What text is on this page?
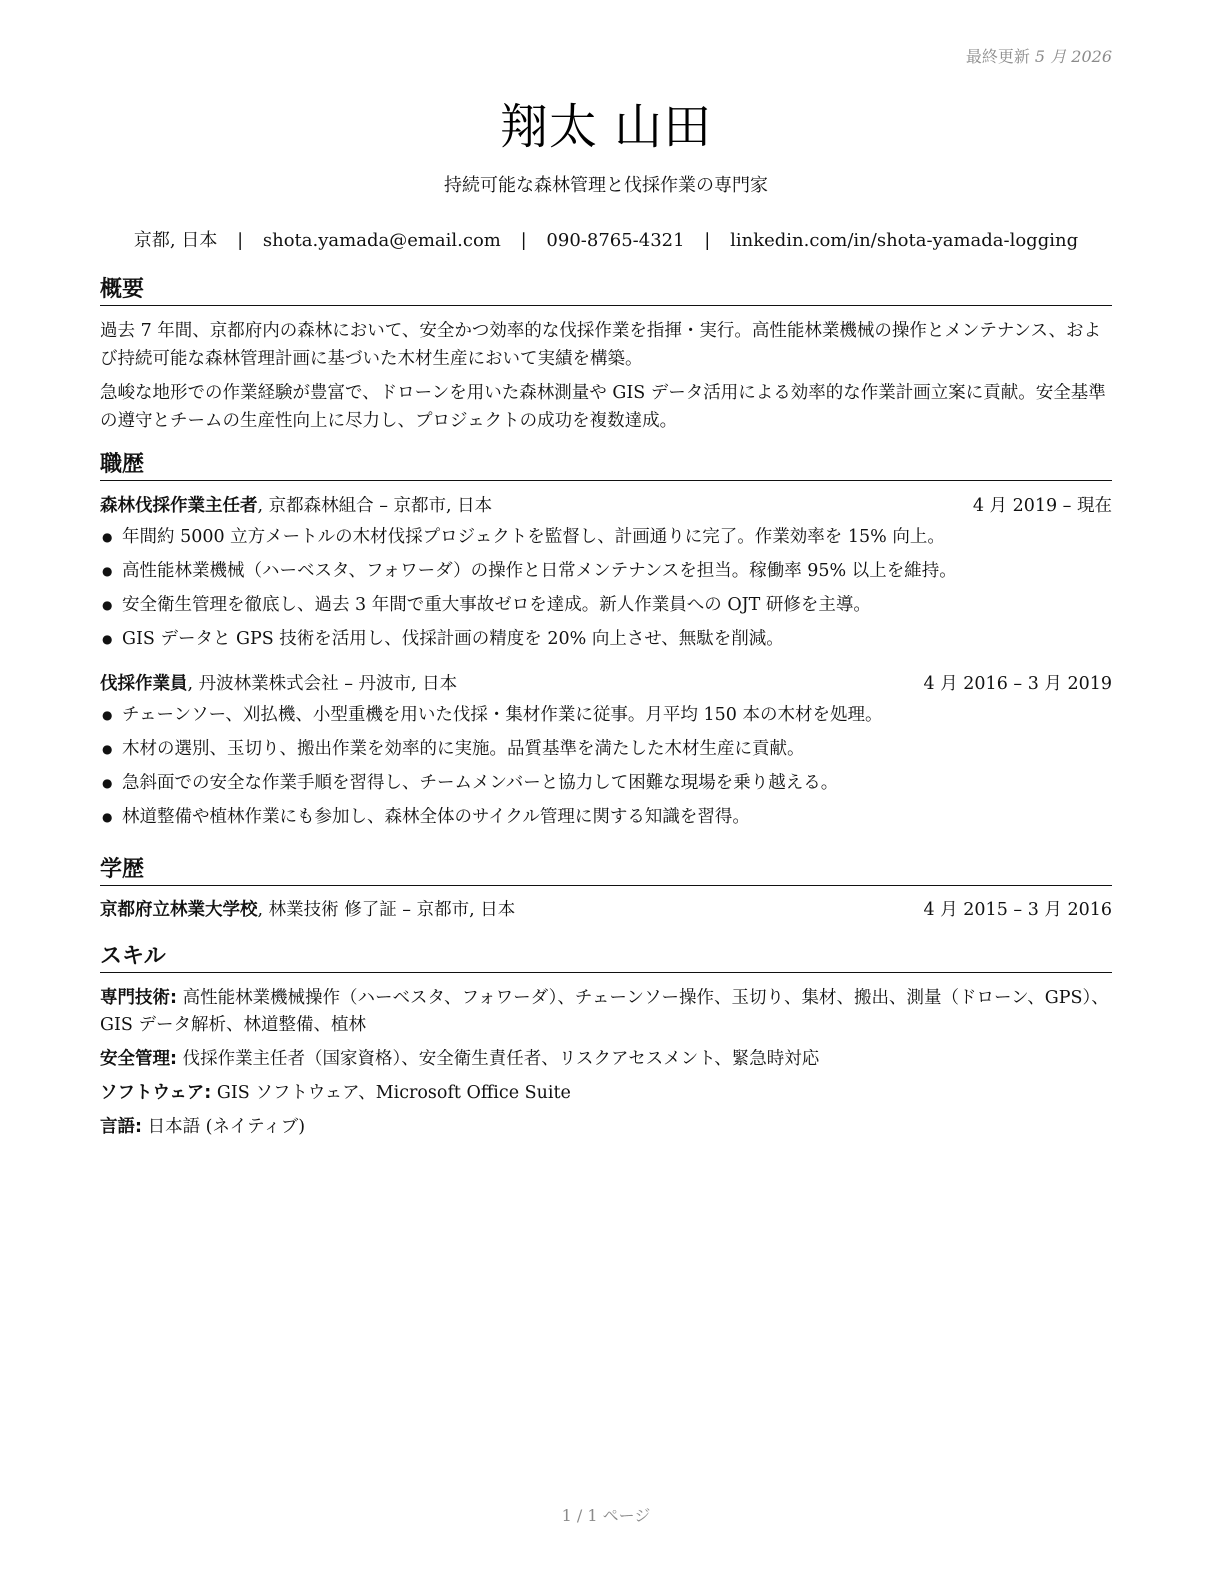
最終更新 5 月 2026
翔太 山田
持続可能な森林管理と伐採作業の専門家
京都, 日本 | shota.yamada@email.com | 090-8765-4321 | linkedin.com/in/shota-yamada-logging
概要

過去 7 年間、京都府内の森林において、安全かつ効率的な伐採作業を指揮・実行。高性能林業機械の操作とメンテナンス、および持続可能な森林管理計画に基づいた木材生産において実績を構築。

急峻な地形での作業経験が豊富で、ドローンを用いた森林測量や GIS データ活用による効率的な作業計画立案に貢献。安全基準の遵守とチームの生産性向上に尽力し、プロジェクトの成功を複数達成。

職歴
森林伐採作業主任者, 京都森林組合 – 京都市, 日本	4 月 2019 – 現在
● 年間約 5000 立方メートルの木材伐採プロジェクトを監督し、計画通りに完了。作業効率を 15% 向上。
● 高性能林業機械（ハーベスタ、フォワーダ）の操作と日常メンテナンスを担当。稼働率 95% 以上を維持。
● 安全衛生管理を徹底し、過去 3 年間で重大事故ゼロを達成。新人作業員への OJT 研修を主導。
● GIS データと GPS 技術を活用し、伐採計画の精度を 20% 向上させ、無駄を削減。
伐採作業員, 丹波林業株式会社 – 丹波市, 日本	4 月 2016 – 3 月 2019
● チェーンソー、刈払機、小型重機を用いた伐採・集材作業に従事。月平均 150 本の木材を処理。
● 木材の選別、玉切り、搬出作業を効率的に実施。品質基準を満たした木材生産に貢献。
● 急斜面での安全な作業手順を習得し、チームメンバーと協力して困難な現場を乗り越える。
● 林道整備や植林作業にも参加し、森林全体のサイクル管理に関する知識を習得。
学歴
京都府立林業大学校, 林業技術 修了証 – 京都市, 日本	4 月 2015 – 3 月 2016
スキル

専門技術: 高性能林業機械操作（ハーベスタ、フォワーダ）、チェーンソー操作、玉切り、集材、搬出、測量（ドローン、GPS）、GIS データ解析、林道整備、植林

安全管理: 伐採作業主任者（国家資格）、安全衛生責任者、リスクアセスメント、緊急時対応

ソフトウェア: GIS ソフトウェア、Microsoft Office Suite

言語: 日本語 (ネイティブ)

1 / 1 ページ
